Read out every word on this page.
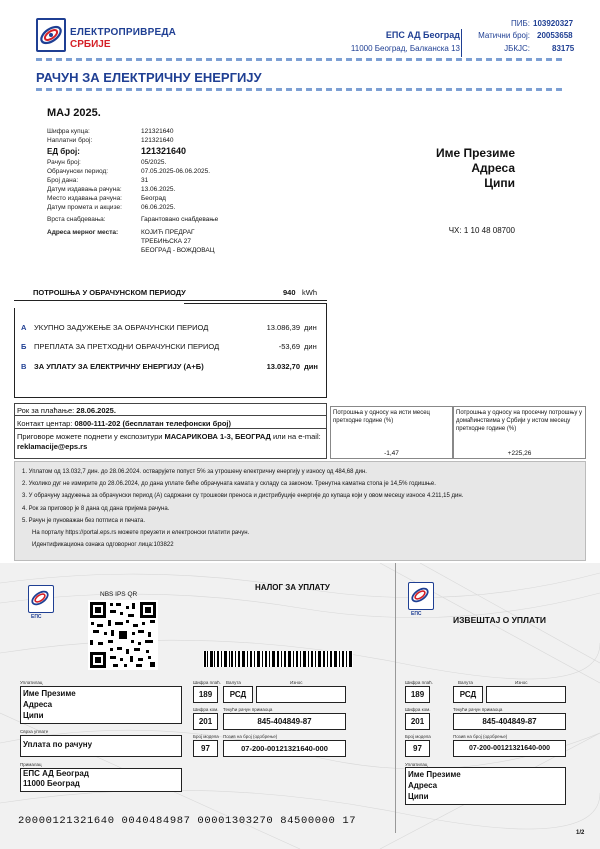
ЕЛЕКТРОПРИВРЕДА
СРБИЈЕ
ЕПС АД Београд
11000 Београд, Балканска 13
ПИБ: 103920327
Матични број: 20053658
ЈБКЈС:	83175
РАЧУН ЗА ЕЛЕКТРИЧНУ ЕНЕРГИЈУ
МАЈ 2025.
Шифра купца:	121321640
Наплатни број:	121321640
ЕД број:	121321640
Рачун број:	05/2025.
Обрачунски период:	07.05.2025-06.06.2025.
Број дана:	31
Датум издавања рачуна:	13.06.2025.
Место издавања рачуна:	Београд
Датум промета и акцизе:	06.06.2025.
Врста снабдевања:	Гарантовано снабдевање
Адреса мерног места:	КОЈИЋ ПРЕДРАГ
ТРЕБИЊСКА 27
БЕОГРАД - ВОЖДОВАЦ
Име Презиме
Адреса
Ципи
ЧХ: 1 10 48 08700
ПОТРОШЊА У ОБРАЧУНСКОМ ПЕРИОДУ	940 kWh
А УКУПНО ЗАДУЖЕЊЕ ЗА ОБРАЧУНСКИ ПЕРИОД	13.086,39 дин
Б ПРЕПЛАТА ЗА ПРЕТХОДНИ ОБРАЧУНСКИ ПЕРИОД	-53,69 дин
В ЗА УПЛАТУ ЗА ЕЛЕКТРИЧНУ ЕНЕРГИЈУ (А+Б)	13.032,70 дин
Рок за плаћање: 28.06.2025.
Контакт центар: 0800-111-202 (бесплатан телефонски број)
Приговоре можете поднети у експозитури МАСАРИКОВА 1-3, БЕОГРАД или на e-mail: reklamacije@eps.rs
Потрошња у односу на исти месец претходне године (%)
-1,47
Потрошња у односу на просечну потрошњу у домаћинствима у Србији у истом месецу претходне године (%)
+225,26
1. Уплатом од 13.032,7 дин. до 28.06.2024. остварујете попуст 5% за утрошену електричну енергију у износу од 484,68 дин.
2. Уколико дуг не измирите до 28.06.2024, до дана уплате биће обрачуната камата у складу са законом. Тренутна каматна стопа је 14,5% годишње.
3. У обрачуну задужења за обрачунски период (А) садржани су трошкови преноса и дистрибуције енергије до купаца који у овом месецу износе 4.211,15 дин.
4. Рок за приговор је 8 дана од дана пријема рачуна.
5. Рачун је пуноважан без потписа и печата.
На порталу https://portal.eps.rs можете преузети и електронски платити рачун.
Идентификациона ознака одговорног лица:103822
ЕПС
НАЛОГ ЗА УПЛАТУ
NBS IPS QR
Уплатилац
Име Презиме
Адреса
Ципи
Сврха уплате
Уплата по рачуну
Прималац
ЕПС АД Београд
11000 Београд
Шифра плаћ.
189
Валута
РСД
Износ
Шифра ком.
201
Текући рачун примаоца
845-404849-87
Број модела
97
Позив на број (одобрење)
07-200-00121321640-000
20000121321640 0040484987 00001303270 84500000 17
ЕПС
ИЗВЕШТАЈ О УПЛАТИ
Шифра плаћ.
189
Валута
РСД
Износ
Шифра ком.
201
Текући рачун примаоца
845-404849-87
Број модела
97
Позив на број (одобрење)
07-200-00121321640-000
Уплатилац
Име Презиме
Адреса
Ципи
1/2
